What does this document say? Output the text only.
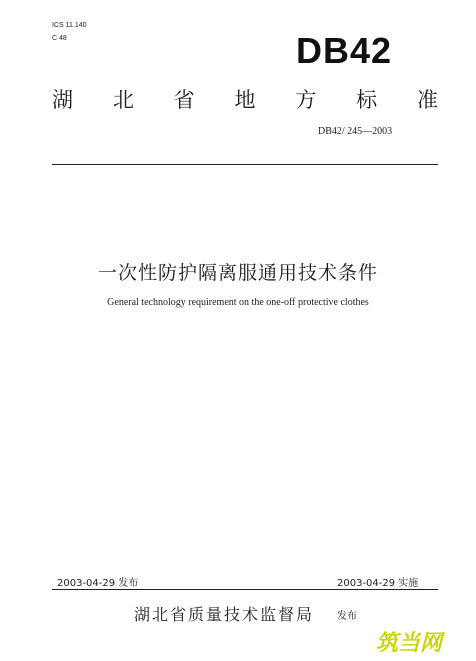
ICS 11.140
C 48	DB42
湖 北 省 地 方 标 准
DB42/ 245—2003
一次性防护隔离服通用技术条件
General technology requirement on the one-off protective clothes
2003-04-29 发布	2003-04-29 实施
湖北省质量技术监督局 发布
筑当网
